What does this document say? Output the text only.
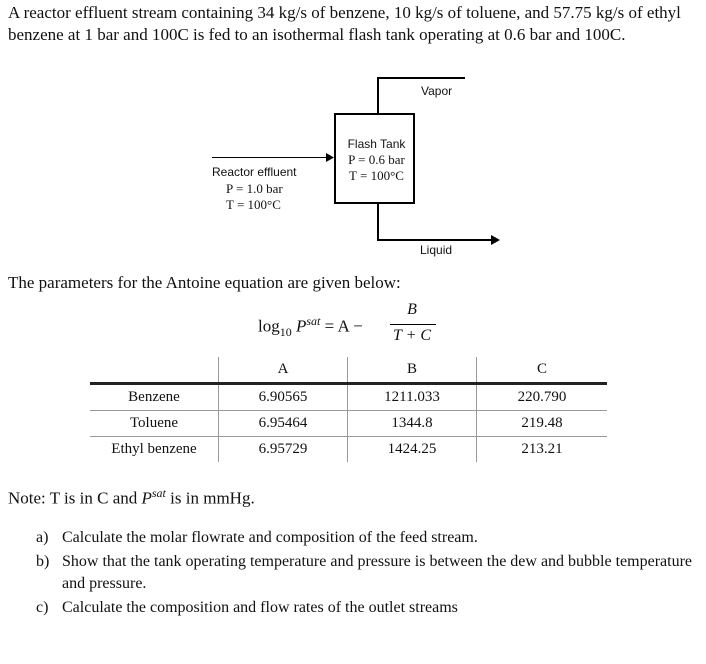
A reactor effluent stream containing 34 kg/s of benzene, 10 kg/s of toluene, and 57.75 kg/s of ethyl benzene at 1 bar and 100C is fed to an isothermal flash tank operating at 0.6 bar and 100C.
Vapor
Flash Tank
P = 0.6 bar
T = 100°C
Reactor effluent
P = 1.0 bar
T = 100°C
Liquid
The parameters for the Antoine equation are given below:
$\log_{10} P^{sat} = A$ −
B
T + C
	A	B	C
Benzene	6.90565	1211.033	220.790
Toluene	6.95464	1344.8	219.48
Ethyl benzene	6.95729	1424.25	213.21
Note: T is in C and $P^{sat}$ is in mmHg.
a) Calculate the molar flowrate and composition of the feed stream.
b) Show that the tank operating temperature and pressure is between the dew and bubble temperature and pressure.
c) Calculate the composition and flow rates of the outlet streams
